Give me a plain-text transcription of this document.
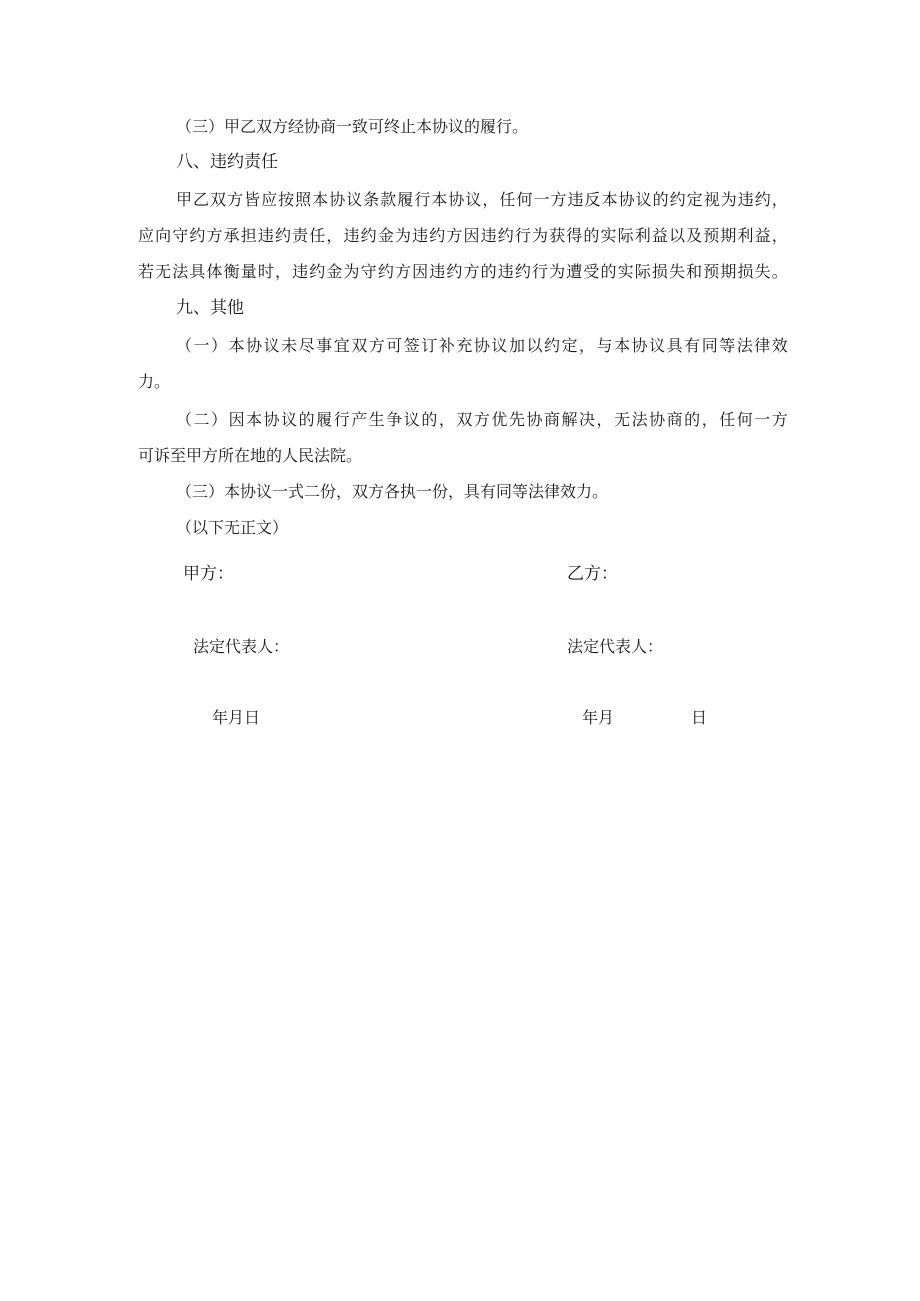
（三）甲乙双方经协商一致可终止本协议的履行。

八、违约责任

甲乙双方皆应按照本协议条款履行本协议，任何一方违反本协议的约定视为违约，

应向守约方承担违约责任，违约金为违约方因违约行为获得的实际利益以及预期利益，

若无法具体衡量时，违约金为守约方因违约方的违约行为遭受的实际损失和预期损失。

九、其他

（一）本协议未尽事宜双方可签订补充协议加以约定，与本协议具有同等法律效

力。

（二）因本协议的履行产生争议的，双方优先协商解决，无法协商的，任何一方

可诉至甲方所在地的人民法院。

（三）本协议一式二份，双方各执一份，具有同等法律效力。

（以下无正文）

甲方：	乙方：

法定代表人：	法定代表人：

年月日	年月	日
